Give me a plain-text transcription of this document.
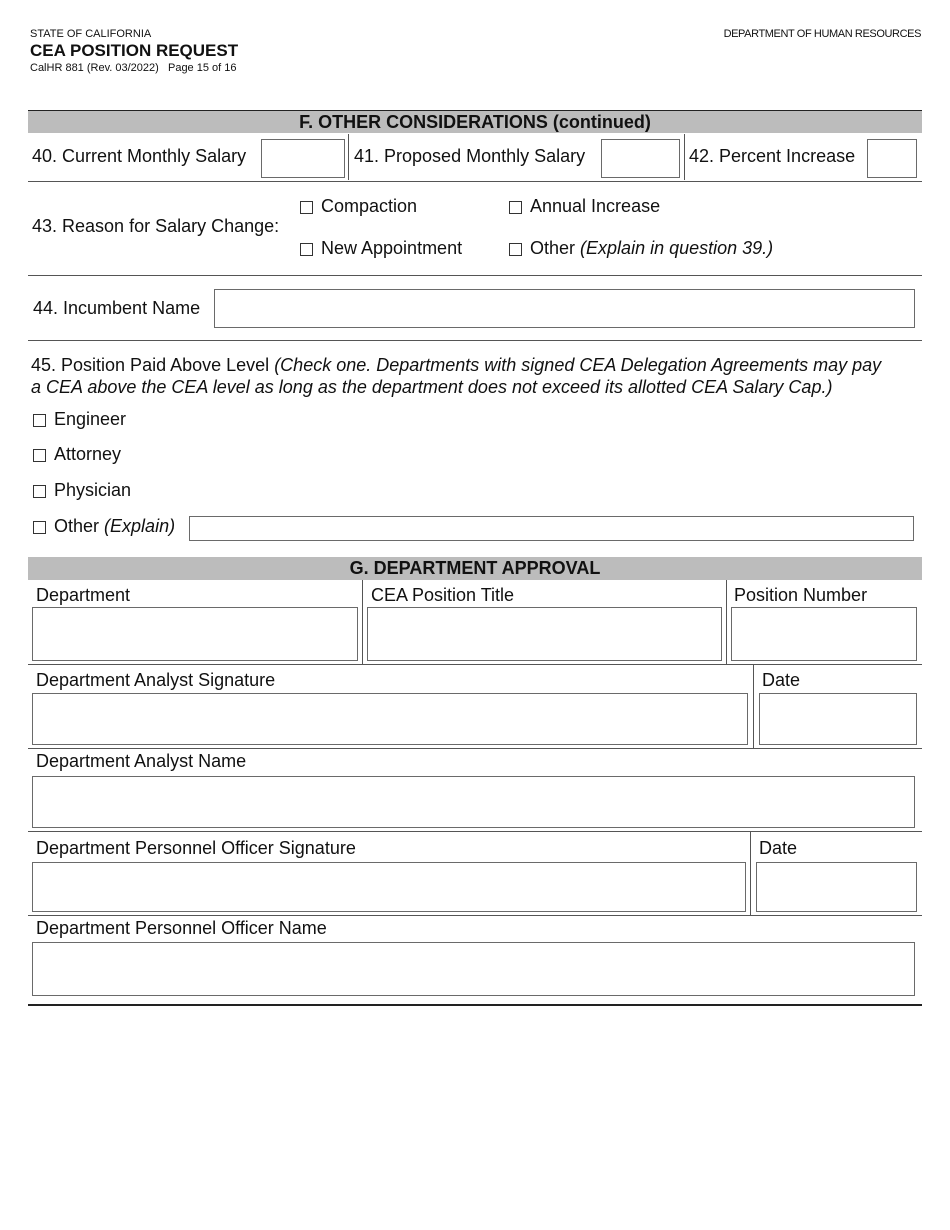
STATE OF CALIFORNIA
CEA POSITION REQUEST
CalHR 881 (Rev. 03/2022) Page 15 of 16
DEPARTMENT OF HUMAN RESOURCES
F. OTHER CONSIDERATIONS (continued)
40. Current Monthly Salary	41. Proposed Monthly Salary	42. Percent Increase
43. Reason for Salary Change:
Compaction	Annual Increase
New Appointment	Other (Explain in question 39.)
44. Incumbent Name
45. Position Paid Above Level (Check one. Departments with signed CEA Delegation Agreements may pay
a CEA above the CEA level as long as the department does not exceed its allotted CEA Salary Cap.)
Engineer
Attorney
Physician
Other (Explain)
G. DEPARTMENT APPROVAL
Department	CEA Position Title	Position Number
Department Analyst Signature	Date
Department Analyst Name
Department Personnel Officer Signature	Date
Department Personnel Officer Name
